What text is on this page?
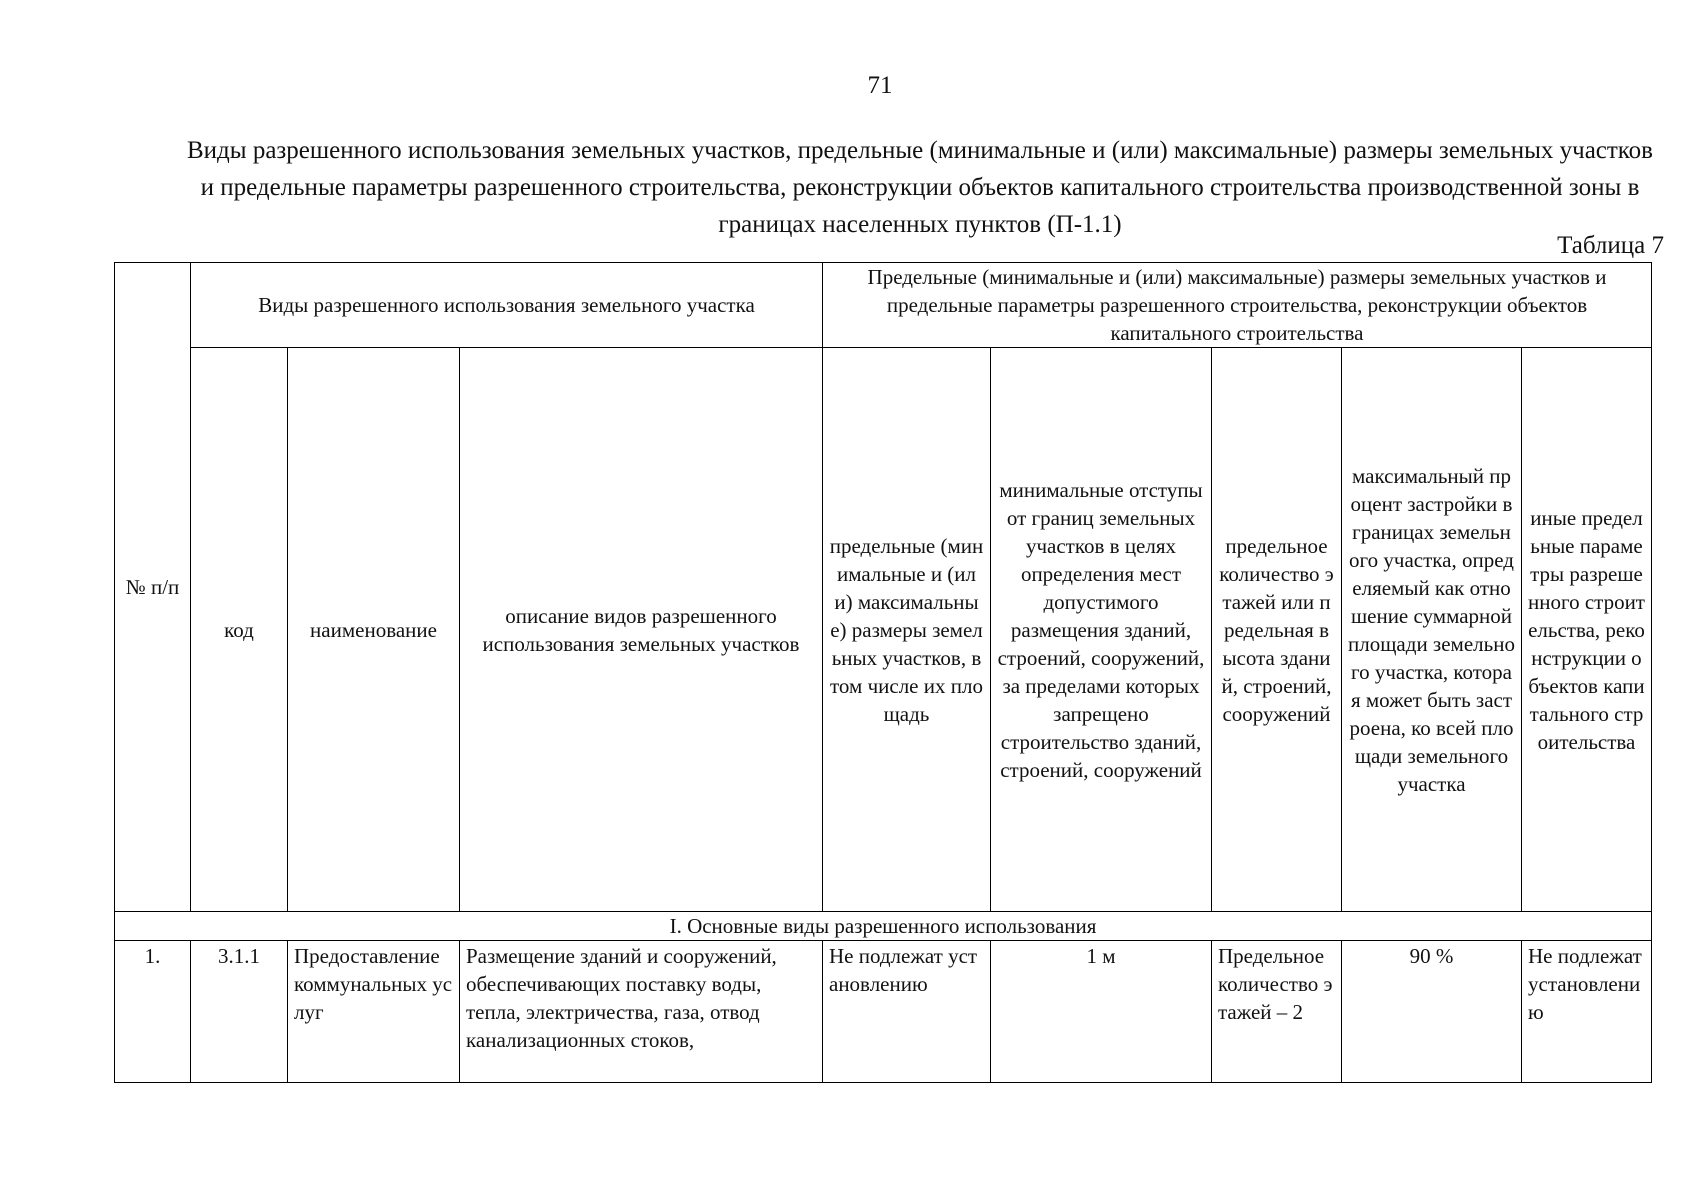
71
Виды разрешенного использования земельных участков, предельные (минимальные и (или) максимальные) размеры земельных участков и предельные параметры разрешенного строительства, реконструкции объектов капитального строительства производственной зоны в границах населенных пунктов (П-1.1)
Таблица 7
№ п/п	Виды разрешенного использования земельного участка			Предельные (минимальные и (или) максимальные) размеры земельных участков и предельные параметры разрешенного строительства, реконструкции объектов капитального строительства				
	код	наименование	описание видов разрешенного использования земельных участков	предельные (минимальные и (или) максимальные) размеры земельных участков, в том числе их площадь	минимальные отступы от границ земельных участков в целях определения мест допустимого размещения зданий, строений, сооружений, за пределами которых запрещено строительство зданий, строений, сооружений	предельное количество этажей или предельная высота зданий, строений, сооружений	максимальный процент застройки в границах земельного участка, определяемый как отношение суммарной площади земельного участка, которая может быть застроена, ко всей площади земельного участка	иные предельные параметры разрешенного строительства, реконструкции объектов капитального строительства
I. Основные виды разрешенного использования								
1.	3.1.1	Предоставление коммунальных услуг	Размещение зданий и сооружений, обеспечивающих поставку воды, тепла, электричества, газа, отвод канализационных стоков,	Не подлежат установлению	1 м	Предельное количество этажей – 2	90 %	Не подлежат установлению
